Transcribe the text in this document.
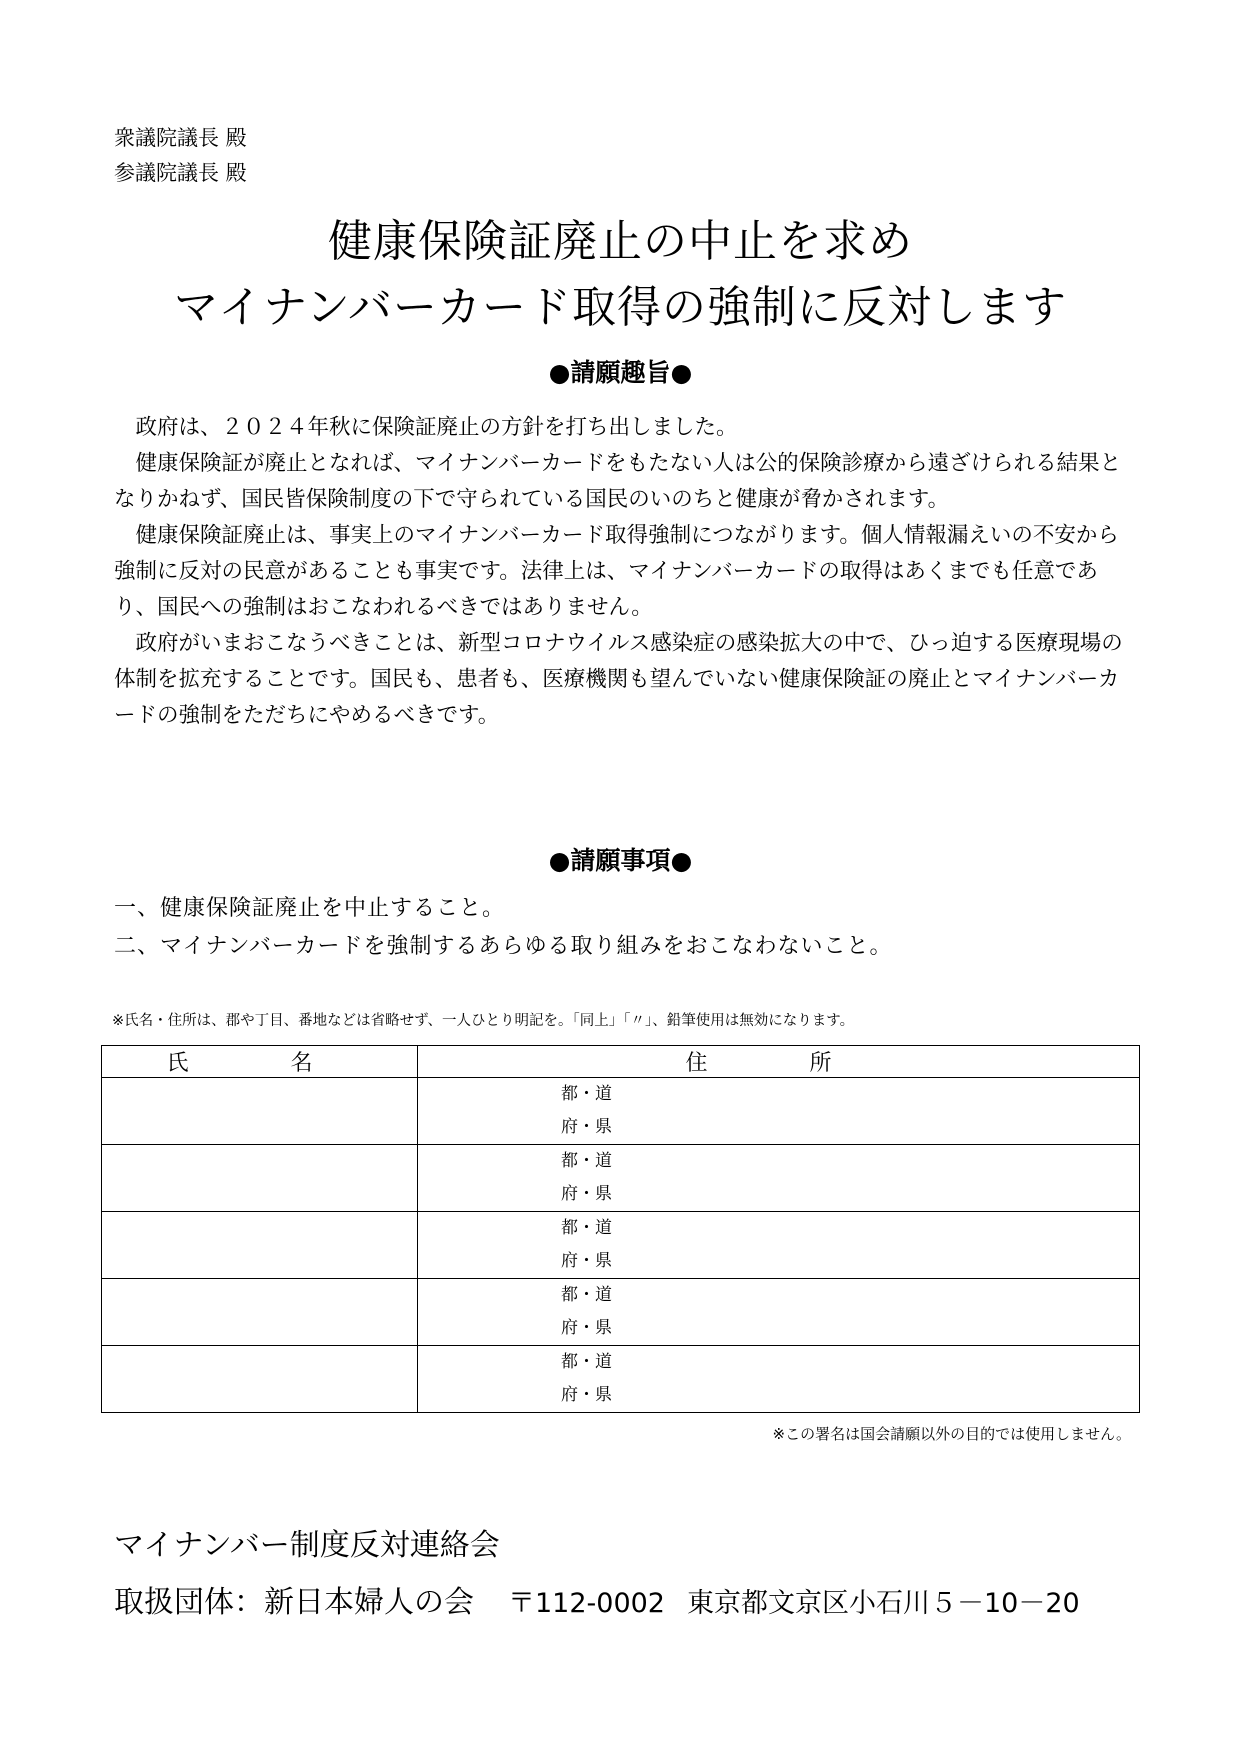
衆議院議長 殿
参議院議長 殿
健康保険証廃止の中止を求め
マイナンバーカード取得の強制に反対します
●請願趣旨●

政府は、２０２４年秋に保険証廃止の方針を打ち出しました。

健康保険証が廃止となれば、マイナンバーカードをもたない人は公的保険診療から遠ざけられる結果となりかねず、国民皆保険制度の下で守られている国民のいのちと健康が脅かされます。

健康保険証廃止は、事実上のマイナンバーカード取得強制につながります。個人情報漏えいの不安から強制に反対の民意があることも事実です。法律上は、マイナンバーカードの取得はあくまでも任意であり、国民への強制はおこなわれるべきではありません。

政府がいまおこなうべきことは、新型コロナウイルス感染症の感染拡大の中で、ひっ迫する医療現場の体制を拡充することです。国民も、患者も、医療機関も望んでいない健康保険証の廃止とマイナンバーカードの強制をただちにやめるべきです。

●請願事項●
一、健康保険証廃止を中止すること。
二、マイナンバーカードを強制するあらゆる取り組みをおこなわないこと。
※氏名・住所は、郡や丁目、番地などは省略せず、一人ひとり明記を。「同上」「〃」、鉛筆使用は無効になります。
氏　名	住　所

	都・道
府・県

	都・道
府・県

	都・道
府・県

	都・道
府・県

	都・道
府・県
※この署名は国会請願以外の目的では使用しません。
マイナンバー制度反対連絡会
取扱団体：新日本婦人の会 〒112-0002 東京都文京区小石川５－10－20
